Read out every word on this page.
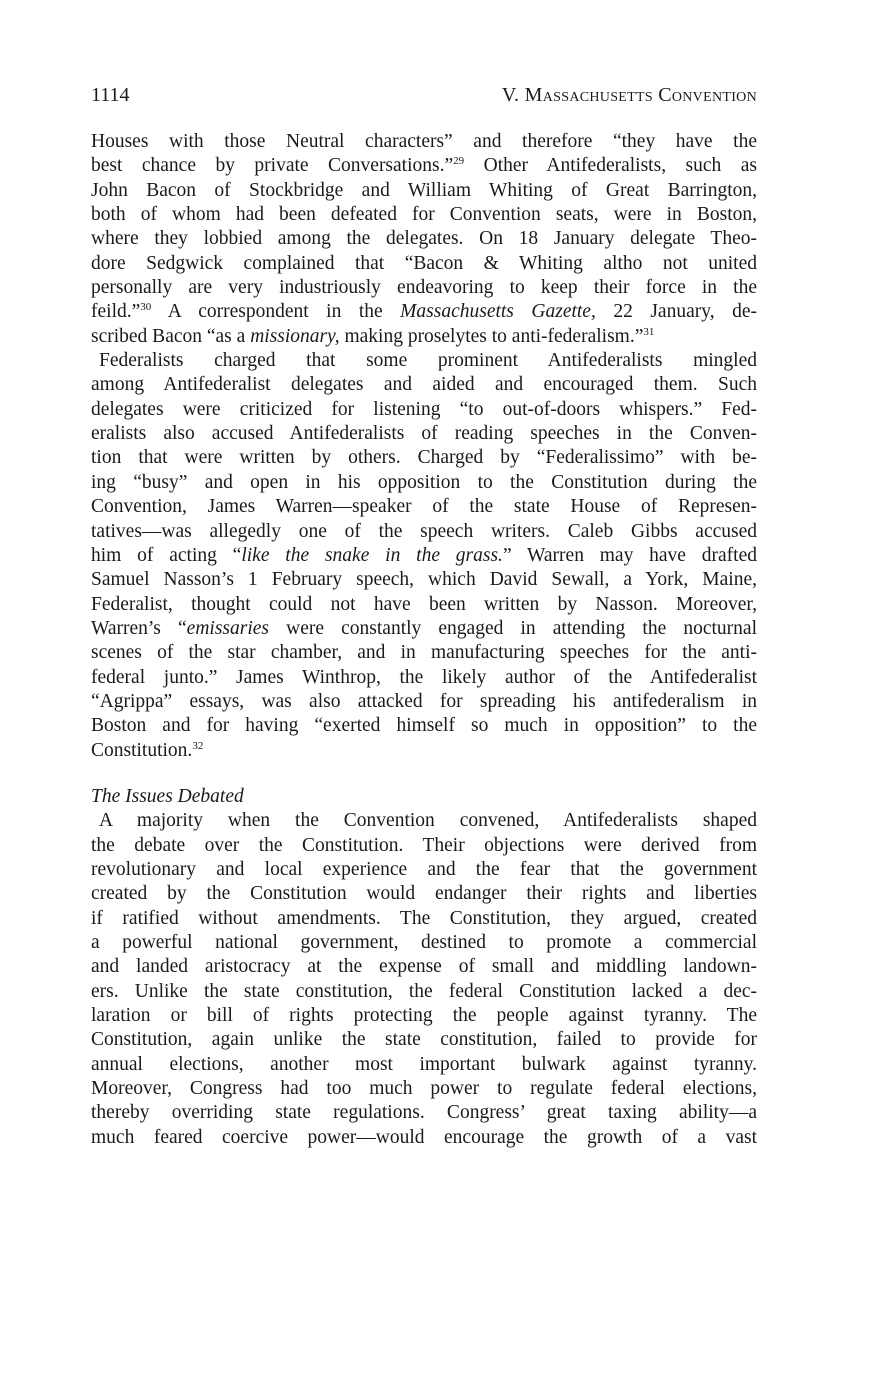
1114	V. Massachusetts Convention
Houses with those Neutral characters” and therefore “they have the
best chance by private Conversations.”$^{29}$ Other Antifederalists, such as
John Bacon of Stockbridge and William Whiting of Great Barrington,
both of whom had been defeated for Convention seats, were in Boston,
where they lobbied among the delegates. On 18 January delegate Theo-
dore Sedgwick complained that “Bacon & Whiting altho not united
personally are very industriously endeavoring to keep their force in the
feild.”$^{30}$ A correspondent in the Massachusetts Gazette, 22 January, de-
scribed Bacon “as a missionary, making proselytes to anti-federalism.”$^{31}$
Federalists charged that some prominent Antifederalists mingled
among Antifederalist delegates and aided and encouraged them. Such
delegates were criticized for listening “to out-of-doors whispers.” Fed-
eralists also accused Antifederalists of reading speeches in the Conven-
tion that were written by others. Charged by “Federalissimo” with be-
ing “busy” and open in his opposition to the Constitution during the
Convention, James Warren—speaker of the state House of Represen-
tatives—was allegedly one of the speech writers. Caleb Gibbs accused
him of acting “like the snake in the grass.” Warren may have drafted
Samuel Nasson’s 1 February speech, which David Sewall, a York, Maine,
Federalist, thought could not have been written by Nasson. Moreover,
Warren’s “emissaries were constantly engaged in attending the nocturnal
scenes of the star chamber, and in manufacturing speeches for the anti-
federal junto.” James Winthrop, the likely author of the Antifederalist
“Agrippa” essays, was also attacked for spreading his antifederalism in
Boston and for having “exerted himself so much in opposition” to the
Constitution.$^{32}$
The Issues Debated
A majority when the Convention convened, Antifederalists shaped
the debate over the Constitution. Their objections were derived from
revolutionary and local experience and the fear that the government
created by the Constitution would endanger their rights and liberties
if ratified without amendments. The Constitution, they argued, created
a powerful national government, destined to promote a commercial
and landed aristocracy at the expense of small and middling landown-
ers. Unlike the state constitution, the federal Constitution lacked a dec-
laration or bill of rights protecting the people against tyranny. The
Constitution, again unlike the state constitution, failed to provide for
annual elections, another most important bulwark against tyranny.
Moreover, Congress had too much power to regulate federal elections,
thereby overriding state regulations. Congress’ great taxing ability—a
much feared coercive power—would encourage the growth of a vast
